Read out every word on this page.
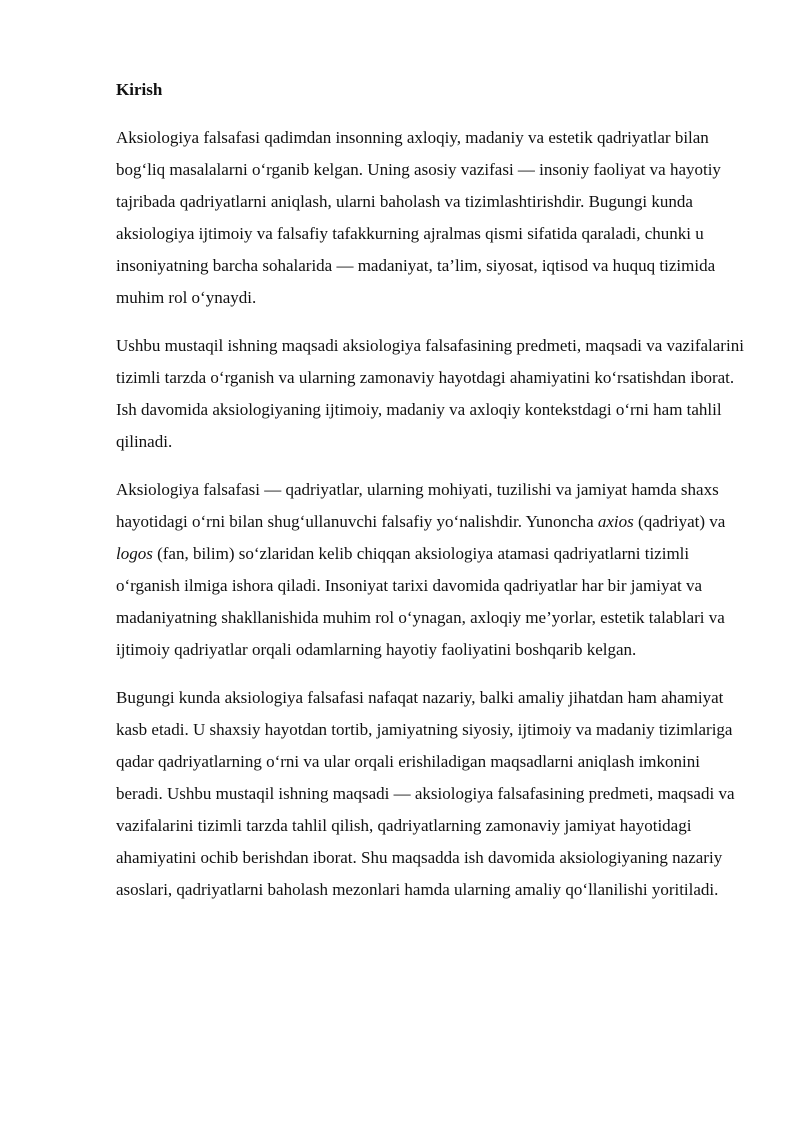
Kirish

Aksiologiya falsafasi qadimdan insonning axloqiy, madaniy va estetik qadriyatlar bilan bog‘liq masalalarni o‘rganib kelgan. Uning asosiy vazifasi — insoniy faoliyat va hayotiy tajribada qadriyatlarni aniqlash, ularni baholash va tizimlashtirishdir. Bugungi kunda aksiologiya ijtimoiy va falsafiy tafakkurning ajralmas qismi sifatida qaraladi, chunki u insoniyatning barcha sohalarida — madaniyat, ta’lim, siyosat, iqtisod va huquq tizimida muhim rol o‘ynaydi.

Ushbu mustaqil ishning maqsadi aksiologiya falsafasining predmeti, maqsadi va vazifalarini tizimli tarzda o‘rganish va ularning zamonaviy hayotdagi ahamiyatini ko‘rsatishdan iborat. Ish davomida aksiologiyaning ijtimoiy, madaniy va axloqiy kontekstdagi o‘rni ham tahlil qilinadi.

Aksiologiya falsafasi — qadriyatlar, ularning mohiyati, tuzilishi va jamiyat hamda shaxs hayotidagi o‘rni bilan shug‘ullanuvchi falsafiy yo‘nalishdir. Yunoncha axios (qadriyat) va logos (fan, bilim) so‘zlaridan kelib chiqqan aksiologiya atamasi qadriyatlarni tizimli o‘rganish ilmiga ishora qiladi. Insoniyat tarixi davomida qadriyatlar har bir jamiyat va madaniyatning shakllanishida muhim rol o‘ynagan, axloqiy me’yorlar, estetik talablari va ijtimoiy qadriyatlar orqali odamlarning hayotiy faoliyatini boshqarib kelgan.

Bugungi kunda aksiologiya falsafasi nafaqat nazariy, balki amaliy jihatdan ham ahamiyat kasb etadi. U shaxsiy hayotdan tortib, jamiyatning siyosiy, ijtimoiy va madaniy tizimlariga qadar qadriyatlarning o‘rni va ular orqali erishiladigan maqsadlarni aniqlash imkonini beradi. Ushbu mustaqil ishning maqsadi — aksiologiya falsafasining predmeti, maqsadi va vazifalarini tizimli tarzda tahlil qilish, qadriyatlarning zamonaviy jamiyat hayotidagi ahamiyatini ochib berishdan iborat. Shu maqsadda ish davomida aksiologiyaning nazariy asoslari, qadriyatlarni baholash mezonlari hamda ularning amaliy qo‘llanilishi yoritiladi.
